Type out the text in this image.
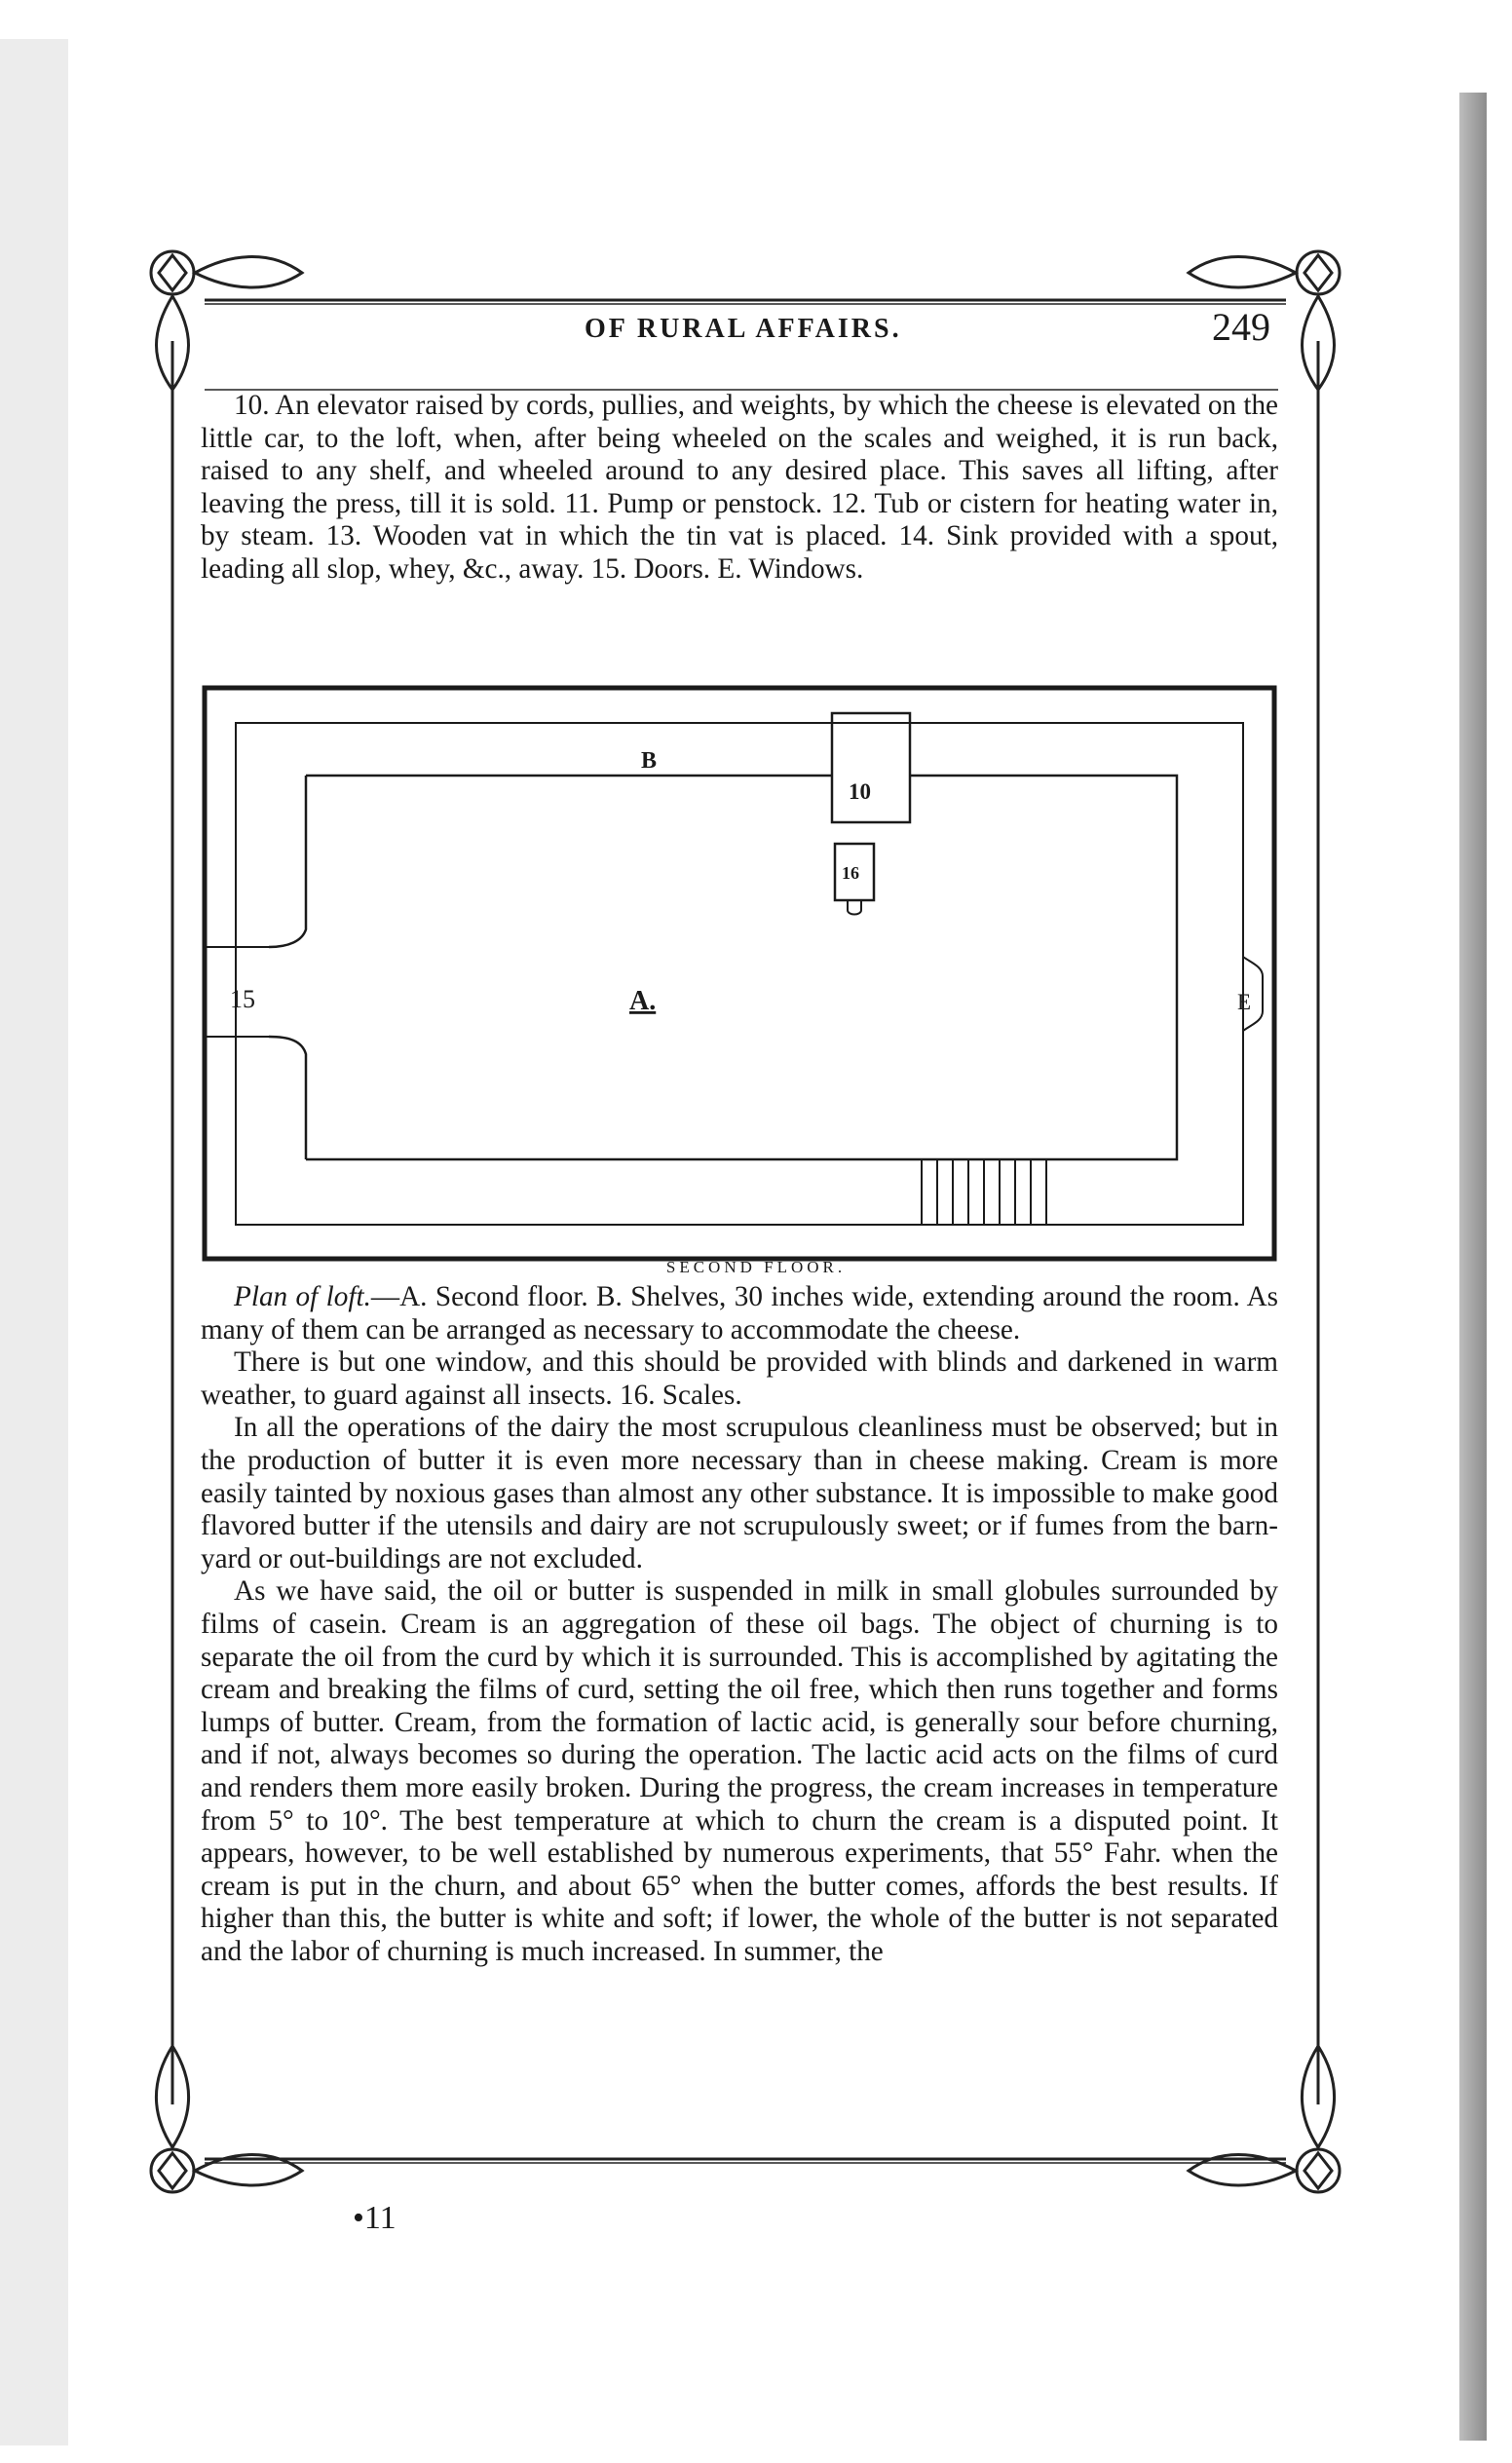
OF RURAL AFFAIRS.	249

10. An elevator raised by cords, pullies, and weights, by which the cheese is elevated on the little car, to the loft, when, after being wheeled on the scales and weighed, it is run back, raised to any shelf, and wheeled around to any desired place. This saves all lifting, after leaving the press, till it is sold. 11. Pump or penstock. 12. Tub or cistern for heating water in, by steam. 13. Wooden vat in which the tin vat is placed. 14. Sink provided with a spout, leading all slop, whey, &c., away. 15. Doors. E. Windows.

B
10
16
15	A.	E
SECOND FLOOR.

Plan of loft.—A. Second floor. B. Shelves, 30 inches wide, extending around the room. As many of them can be arranged as necessary to accommodate the cheese.

There is but one window, and this should be provided with blinds and darkened in warm weather, to guard against all insects. 16. Scales.

In all the operations of the dairy the most scrupulous cleanliness must be observed; but in the production of butter it is even more necessary than in cheese making. Cream is more easily tainted by noxious gases than almost any other substance. It is impossible to make good flavored butter if the utensils and dairy are not scrupulously sweet; or if fumes from the barn-yard or out-buildings are not excluded.

As we have said, the oil or butter is suspended in milk in small globules surrounded by films of casein. Cream is an aggregation of these oil bags. The object of churning is to separate the oil from the curd by which it is surrounded. This is accomplished by agitating the cream and breaking the films of curd, setting the oil free, which then runs together and forms lumps of butter. Cream, from the formation of lactic acid, is generally sour before churning, and if not, always becomes so during the operation. The lactic acid acts on the films of curd and renders them more easily broken. During the progress, the cream increases in temperature from 5° to 10°. The best temperature at which to churn the cream is a disputed point. It appears, however, to be well established by numerous experiments, that 55° Fahr. when the cream is put in the churn, and about 65° when the butter comes, affords the best results. If higher than this, the butter is white and soft; if lower, the whole of the butter is not separated and the labor of churning is much increased. In summer, the

•11
